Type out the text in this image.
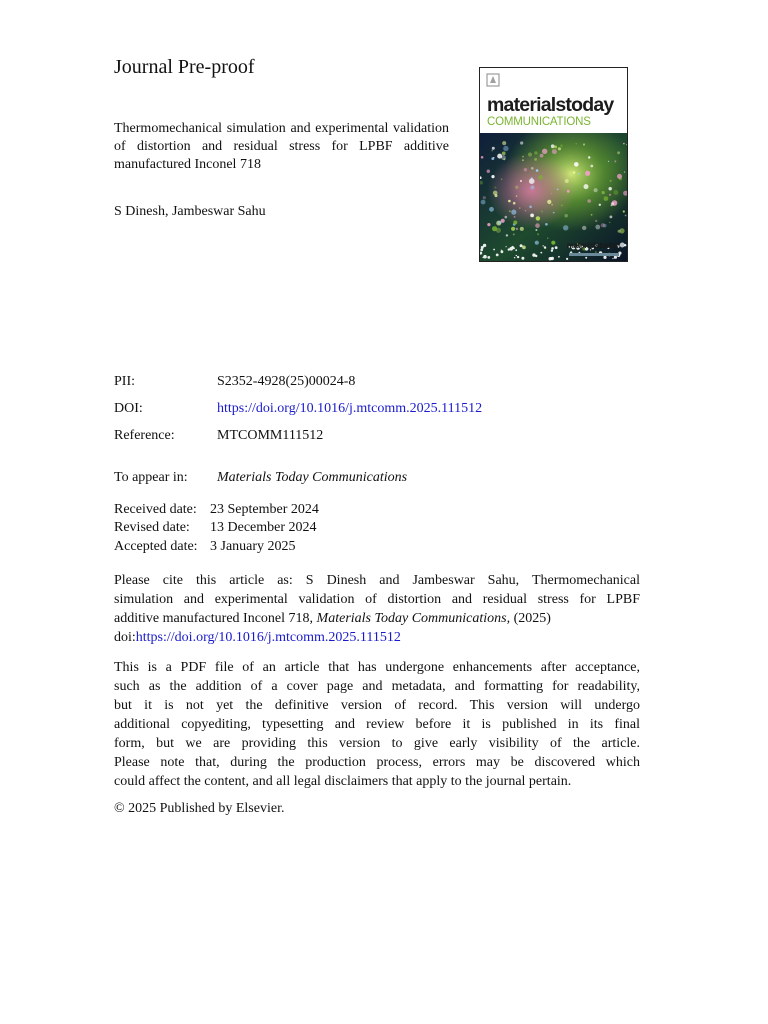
Journal Pre-proof
Thermomechanical simulation and experimental validation of distortion and residual stress for LPBF additive manufactured Inconel 718
S Dinesh, Jambeswar Sahu
materialstoday
COMMUNICATIONS
materialstoday
PII:	S2352-4928(25)00024-8
DOI:	https://doi.org/10.1016/j.mtcomm.2025.111512
Reference:	MTCOMM111512
To appear in: Materials Today Communications
Received date: 23 September 2024
Revised date: 13 December 2024
Accepted date: 3 January 2025
Please cite this article as: S Dinesh and Jambeswar Sahu, Thermomechanical
simulation and experimental validation of distortion and residual stress for LPBF
additive manufactured Inconel 718, Materials Today Communications, (2025)
doi:https://doi.org/10.1016/j.mtcomm.2025.111512
This is a PDF file of an article that has undergone enhancements after acceptance,
such as the addition of a cover page and metadata, and formatting for readability,
but it is not yet the definitive version of record. This version will undergo
additional copyediting, typesetting and review before it is published in its final
form, but we are providing this version to give early visibility of the article.
Please note that, during the production process, errors may be discovered which
could affect the content, and all legal disclaimers that apply to the journal pertain.
© 2025 Published by Elsevier.
